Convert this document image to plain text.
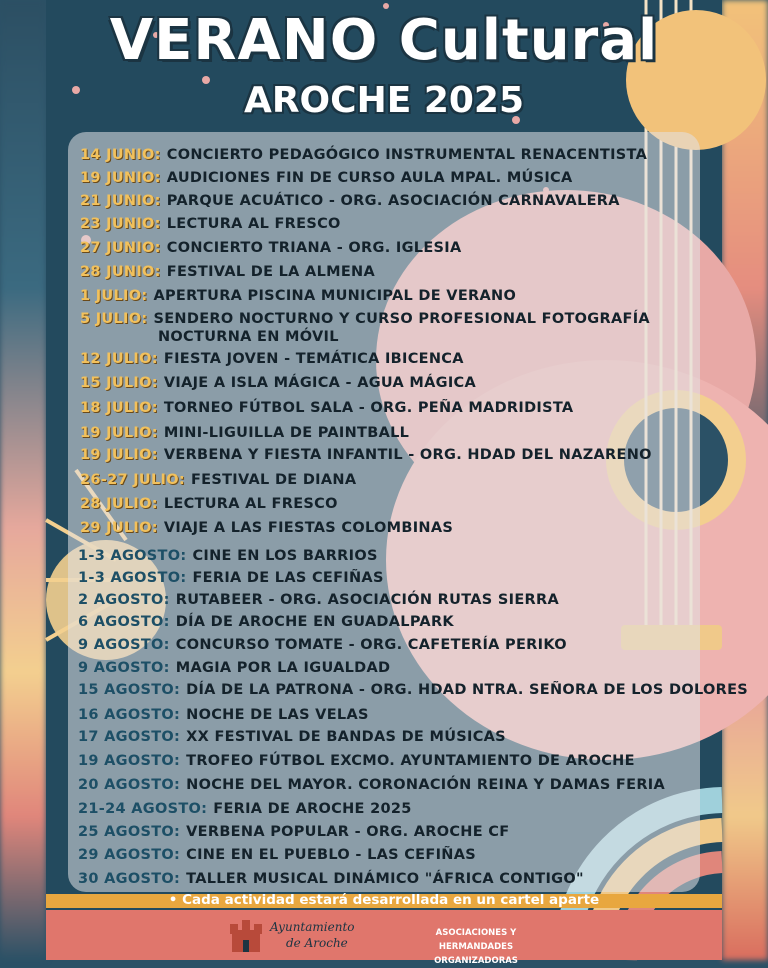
VERANO Cultural
AROCHE 2025
• Cada actividad estará desarrollada en un cartel aparte
Ayuntamiento
de Aroche
ASOCIACIONES Y HERMANDADES
ORGANIZADORAS
14 JUNIO: CONCIERTO PEDAGÓGICO INSTRUMENTAL RENACENTISTA
19 JUNIO: AUDICIONES FIN DE CURSO AULA MPAL. MÚSICA
21 JUNIO: PARQUE ACUÁTICO - ORG. ASOCIACIÓN CARNAVALERA
23 JUNIO: LECTURA AL FRESCO
27 JUNIO: CONCIERTO TRIANA - ORG. IGLESIA
28 JUNIO: FESTIVAL DE LA ALMENA
1 JULIO: APERTURA PISCINA MUNICIPAL DE VERANO
5 JULIO: SENDERO NOCTURNO Y CURSO PROFESIONAL FOTOGRAFÍA
NOCTURNA EN MÓVIL
12 JULIO: FIESTA JOVEN - TEMÁTICA IBICENCA
15 JULIO: VIAJE A ISLA MÁGICA - AGUA MÁGICA
18 JULIO: TORNEO FÚTBOL SALA - ORG. PEÑA MADRIDISTA
19 JULIO: MINI-LIGUILLA DE PAINTBALL
19 JULIO: VERBENA Y FIESTA INFANTIL - ORG. HDAD DEL NAZARENO
26-27 JULIO: FESTIVAL DE DIANA
28 JULIO: LECTURA AL FRESCO
29 JULIO: VIAJE A LAS FIESTAS COLOMBINAS
1-3 AGOSTO: CINE EN LOS BARRIOS
1-3 AGOSTO: FERIA DE LAS CEFIÑAS
2 AGOSTO: RUTABEER - ORG. ASOCIACIÓN RUTAS SIERRA
6 AGOSTO: DÍA DE AROCHE EN GUADALPARK
9 AGOSTO: CONCURSO TOMATE - ORG. CAFETERÍA PERIKO
9 AGOSTO: MAGIA POR LA IGUALDAD
15 AGOSTO: DÍA DE LA PATRONA - ORG. HDAD NTRA. SEÑORA DE LOS DOLORES
16 AGOSTO: NOCHE DE LAS VELAS
17 AGOSTO: XX FESTIVAL DE BANDAS DE MÚSICAS
19 AGOSTO: TROFEO FÚTBOL EXCMO. AYUNTAMIENTO DE AROCHE
20 AGOSTO: NOCHE DEL MAYOR. CORONACIÓN REINA Y DAMAS FERIA
21-24 AGOSTO: FERIA DE AROCHE 2025
25 AGOSTO: VERBENA POPULAR - ORG. AROCHE CF
29 AGOSTO: CINE EN EL PUEBLO - LAS CEFIÑAS
30 AGOSTO: TALLER MUSICAL DINÁMICO "ÁFRICA CONTIGO"
